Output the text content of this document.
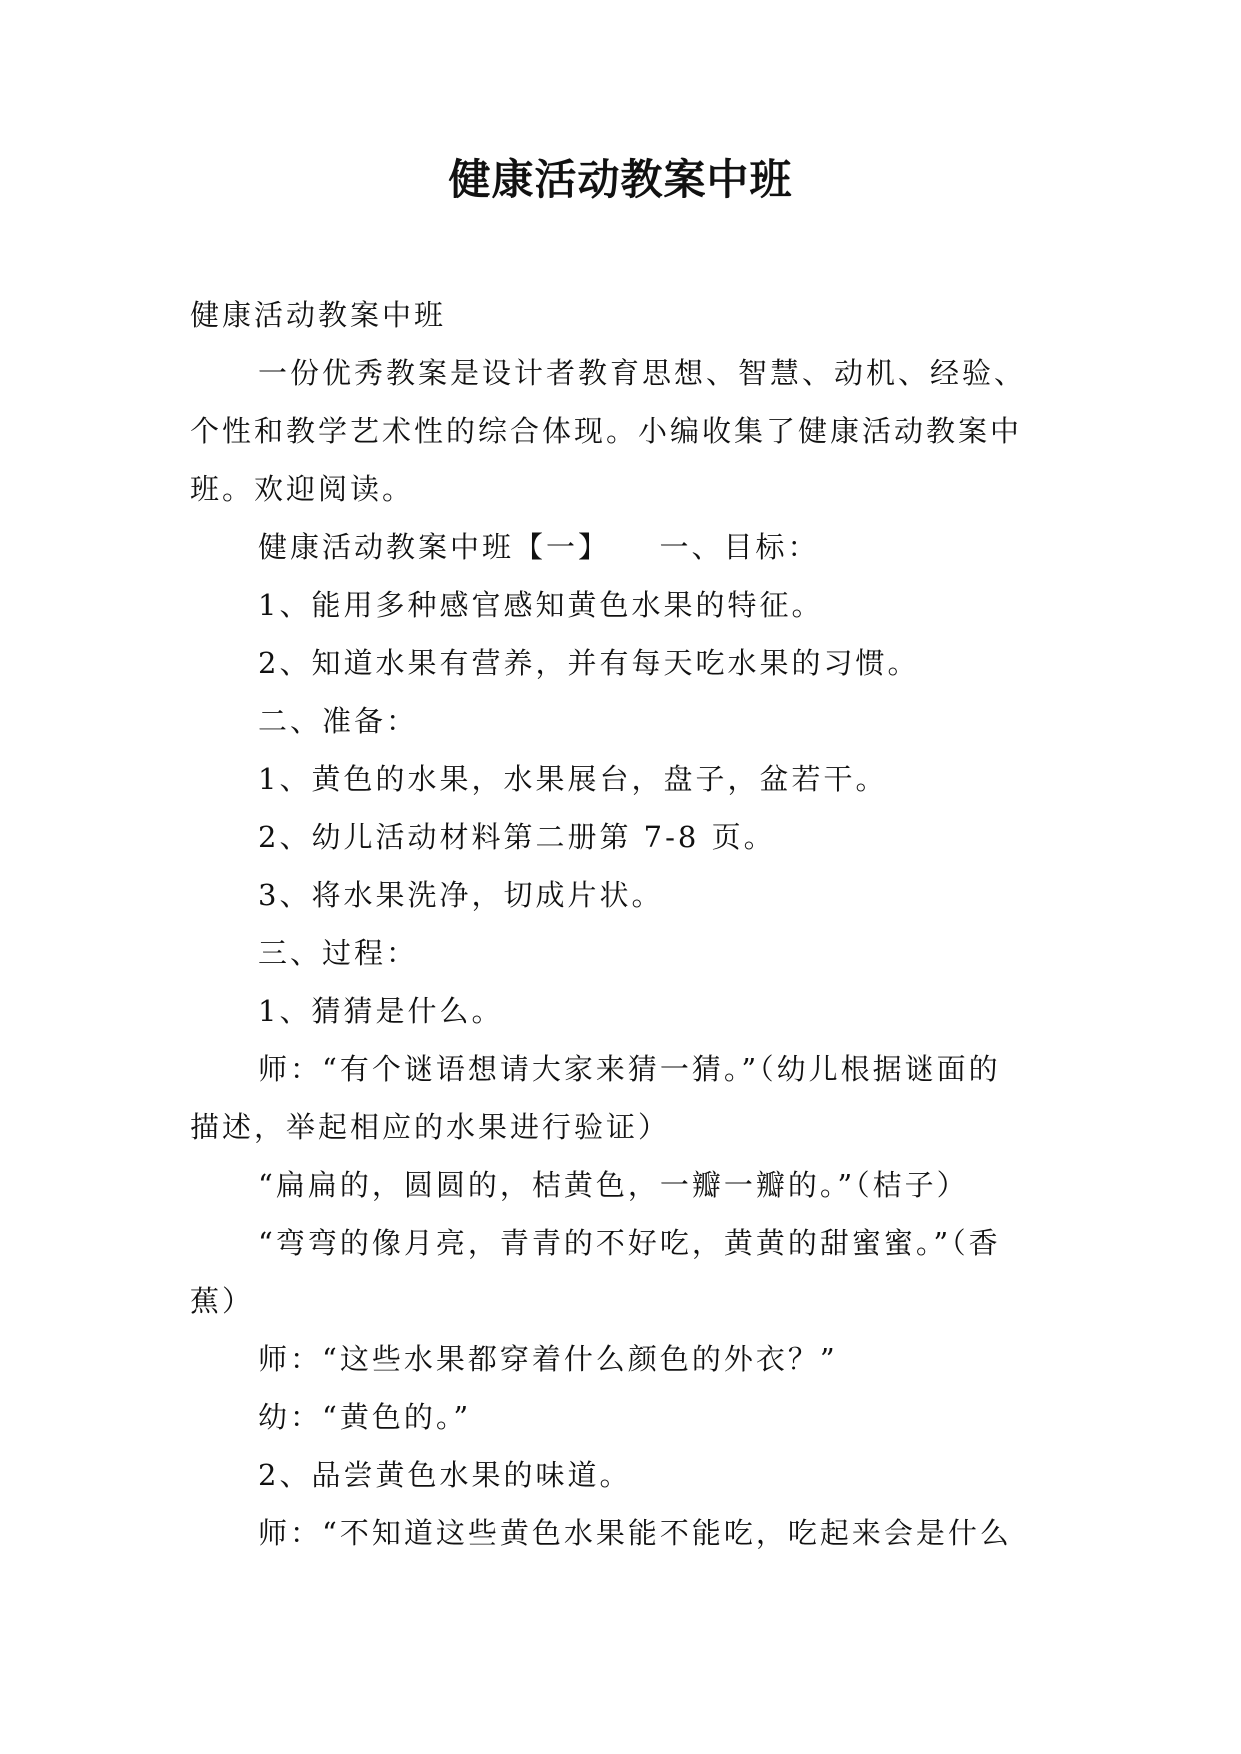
健康活动教案中班
健康活动教案中班
一份优秀教案是设计者教育思想、智慧、动机、经验、
个性和教学艺术性的综合体现。小编收集了健康活动教案中
班。欢迎阅读。
健康活动教案中班【一】　　一、目标：
1、能用多种感官感知黄色水果的特征。
2、知道水果有营养，并有每天吃水果的习惯。
二、准备：
1、黄色的水果，水果展台，盘子，盆若干。
2、幼儿活动材料第二册第 7-8 页。
3、将水果洗净，切成片状。
三、过程：
1、猜猜是什么。
师：“有个谜语想请大家来猜一猜。”（幼儿根据谜面的
描述，举起相应的水果进行验证）
“扁扁的，圆圆的，桔黄色，一瓣一瓣的。”（桔子）
“弯弯的像月亮，青青的不好吃，黄黄的甜蜜蜜。”（香
蕉）
师：“这些水果都穿着什么颜色的外衣？”
幼：“黄色的。”
2、品尝黄色水果的味道。
师：“不知道这些黄色水果能不能吃，吃起来会是什么
